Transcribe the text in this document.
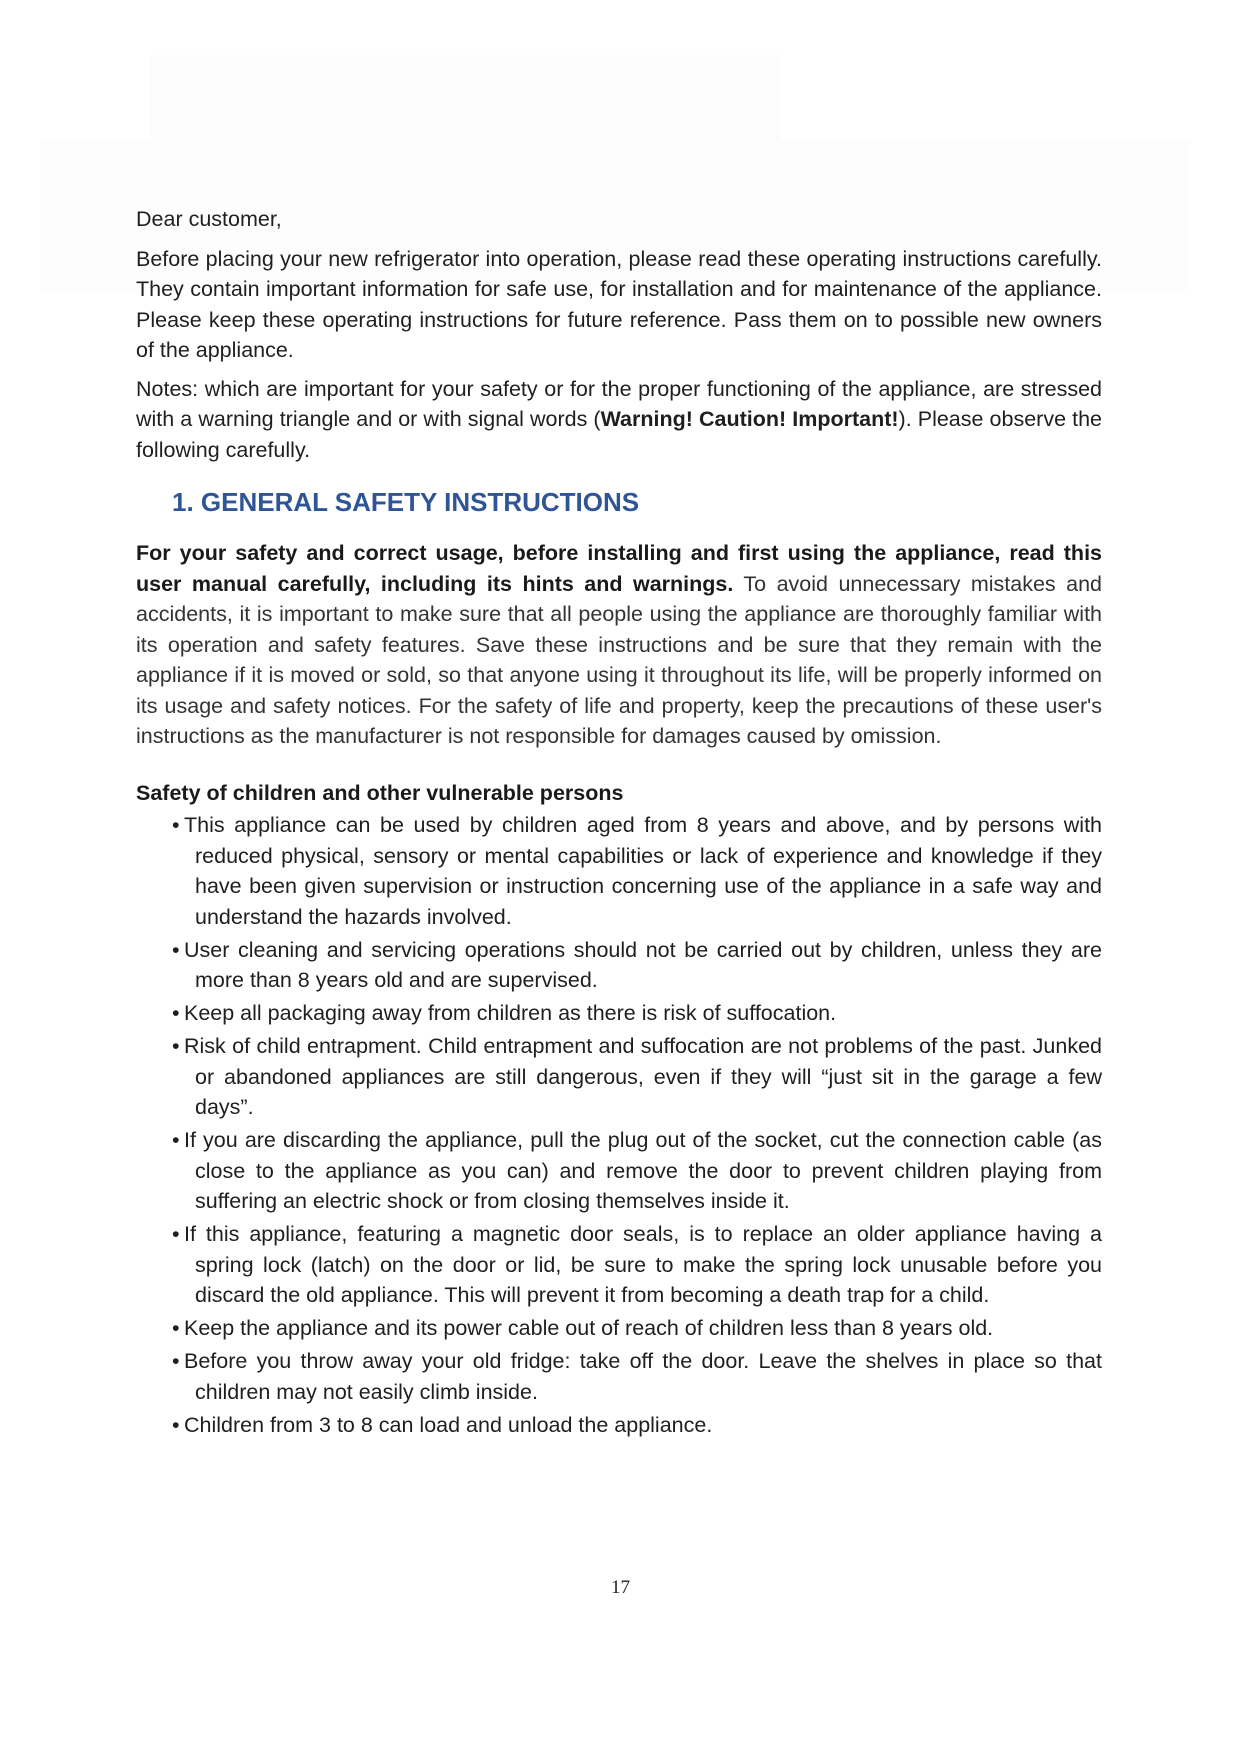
Dear customer,

Before placing your new refrigerator into operation, please read these operating instructions carefully. They contain important information for safe use, for installation and for maintenance of the appliance. Please keep these operating instructions for future reference. Pass them on to possible new owners of the appliance.

Notes: which are important for your safety or for the proper functioning of the appliance, are stressed with a warning triangle and or with signal words (Warning! Caution! Important!). Please observe the following carefully.

1. GENERAL SAFETY INSTRUCTIONS

For your safety and correct usage, before installing and first using the appliance, read this user manual carefully, including its hints and warnings. To avoid unnecessary mistakes and accidents, it is important to make sure that all people using the appliance are thoroughly familiar with its operation and safety features. Save these instructions and be sure that they remain with the appliance if it is moved or sold, so that anyone using it throughout its life, will be properly informed on its usage and safety notices. For the safety of life and property, keep the precautions of these user's instructions as the manufacturer is not responsible for damages caused by omission.

Safety of children and other vulnerable persons
• This appliance can be used by children aged from 8 years and above, and by persons with reduced physical, sensory or mental capabilities or lack of experience and knowledge if they have been given supervision or instruction concerning use of the appliance in a safe way and understand the hazards involved.
• User cleaning and servicing operations should not be carried out by children, unless they are more than 8 years old and are supervised.
• Keep all packaging away from children as there is risk of suffocation.
• Risk of child entrapment. Child entrapment and suffocation are not problems of the past. Junked or abandoned appliances are still dangerous, even if they will “just sit in the garage a few days”.
• If you are discarding the appliance, pull the plug out of the socket, cut the connection cable (as close to the appliance as you can) and remove the door to prevent children playing from suffering an electric shock or from closing themselves inside it.
• If this appliance, featuring a magnetic door seals, is to replace an older appliance having a spring lock (latch) on the door or lid, be sure to make the spring lock unusable before you discard the old appliance. This will prevent it from becoming a death trap for a child.
• Keep the appliance and its power cable out of reach of children less than 8 years old.
• Before you throw away your old fridge: take off the door. Leave the shelves in place so that children may not easily climb inside.
• Children from 3 to 8 can load and unload the appliance.
17
